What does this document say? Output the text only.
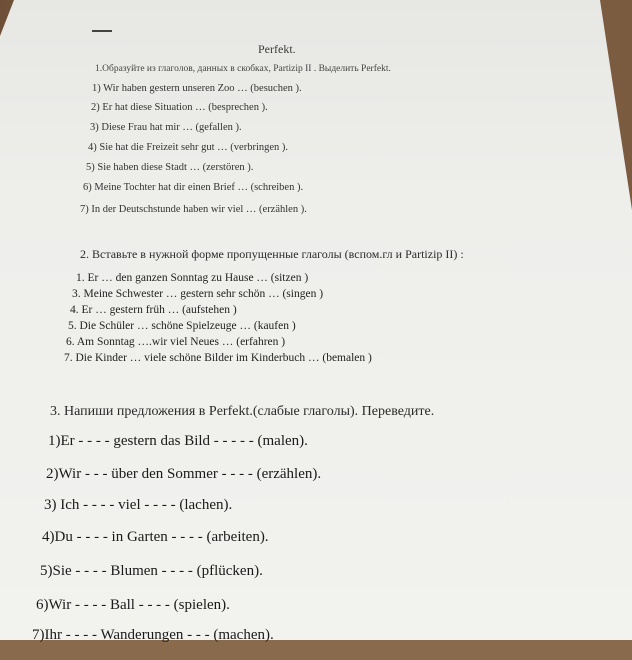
Perfekt.
1.Образуйте из глаголов, данных в скобках, Partizip II . Выделить Perfekt.
1) Wir haben gestern unseren Zoo … (besuchen ).
2) Er hat diese Situation … (besprechen ).
3) Diese Frau hat mir … (gefallen ).
4) Sie hat die Freizeit sehr gut … (verbringen ).
5) Sie haben diese Stadt … (zerstören ).
6) Meine Tochter hat dir einen Brief … (schreiben ).
7) In der Deutschstunde haben wir viel … (erzählen ).
2. Вставьте в нужной форме пропущенные глаголы (вспом.гл и Partizip II) :
1. Er … den ganzen Sonntag zu Hause … (sitzen )
3. Meine Schwester … gestern sehr schön … (singen )
4. Er … gestern früh … (aufstehen )
5. Die Schüler … schöne Spielzeuge … (kaufen )
6. Am Sonntag ….wir viel Neues … (erfahren )
7. Die Kinder … viele schöne Bilder im Kinderbuch … (bemalen )
3. Напиши предложения в Perfekt.(слабые глаголы). Переведите.
1)Er - - - - gestern das Bild - - - - - (malen).
2)Wir - - - über den Sommer - - - - (erzählen).
3) Ich - - - - viel - - - - (lachen).
4)Du - - - - in Garten - - - - (arbeiten).
5)Sie - - - - Blumen - - - - (pflücken).
6)Wir - - - - Ball - - - - (spielen).
7)Ihr - - - - Wanderungen - - - (machen).
